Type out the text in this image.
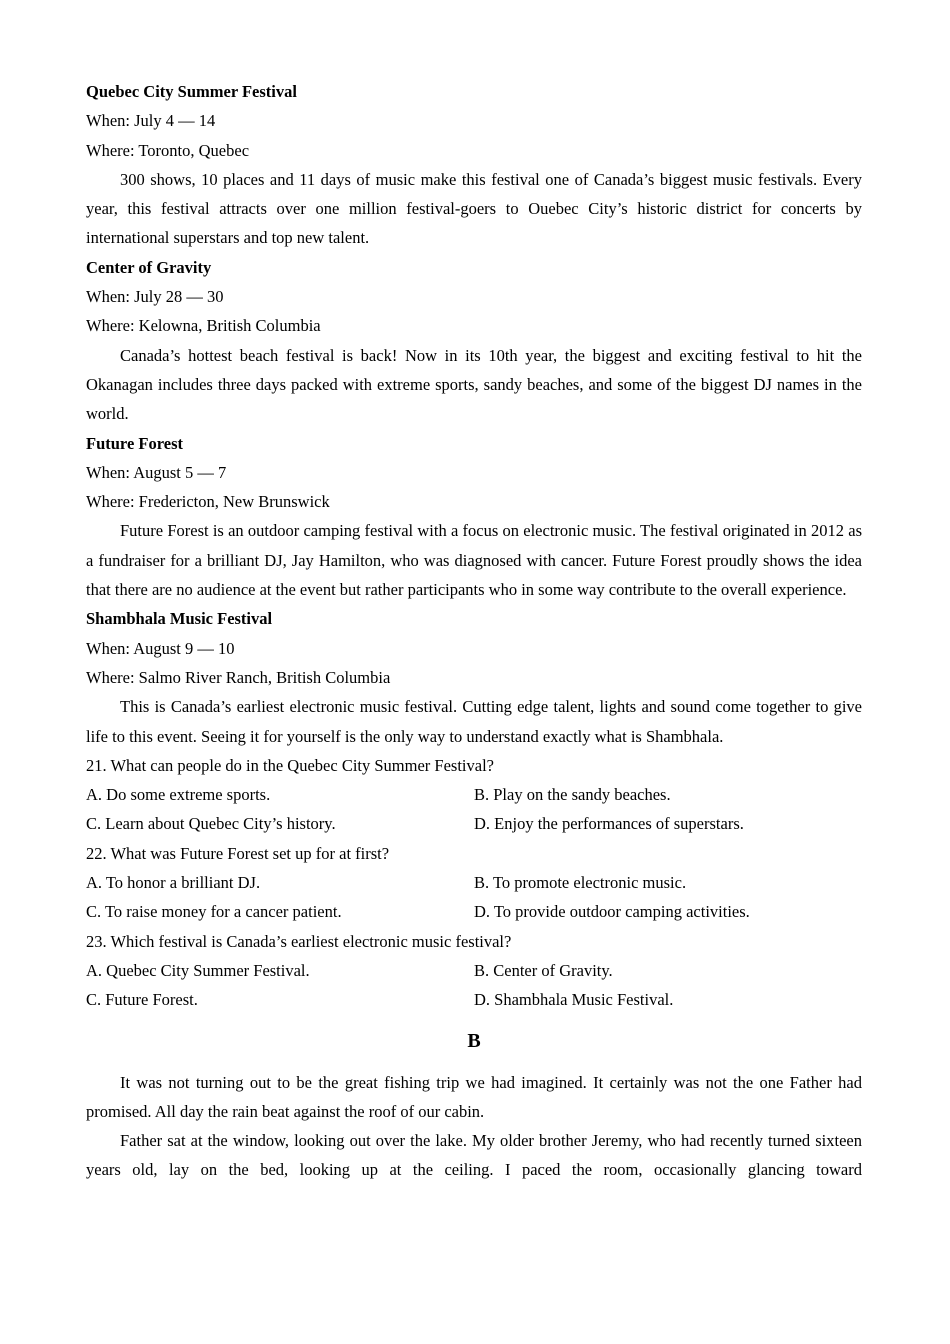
Quebec City Summer Festival
When: July 4 — 14
Where: Toronto, Quebec
300 shows, 10 places and 11 days of music make this festival one of Canada’s biggest music festivals. Every year, this festival attracts over one million festival-goers to Ouebec City’s historic district for concerts by international superstars and top new talent.
Center of Gravity
When: July 28 — 30
Where: Kelowna, British Columbia
Canada’s hottest beach festival is back! Now in its 10th year, the biggest and exciting festival to hit the Okanagan includes three days packed with extreme sports, sandy beaches, and some of the biggest DJ names in the world.
Future Forest
When: August 5 — 7
Where: Fredericton, New Brunswick
Future Forest is an outdoor camping festival with a focus on electronic music. The festival originated in 2012 as a fundraiser for a brilliant DJ, Jay Hamilton, who was diagnosed with cancer. Future Forest proudly shows the idea that there are no audience at the event but rather participants who in some way contribute to the overall experience.
Shambhala Music Festival
When: August 9 — 10
Where: Salmo River Ranch, British Columbia
This is Canada’s earliest electronic music festival. Cutting edge talent, lights and sound come together to give life to this event. Seeing it for yourself is the only way to understand exactly what is Shambhala.
21. What can people do in the Quebec City Summer Festival?
A. Do some extreme sports.	B. Play on the sandy beaches.
C. Learn about Quebec City’s history.	D. Enjoy the performances of superstars.
22. What was Future Forest set up for at first?
A. To honor a brilliant DJ.	B. To promote electronic music.
C. To raise money for a cancer patient.	D. To provide outdoor camping activities.
23. Which festival is Canada’s earliest electronic music festival?
A. Quebec City Summer Festival.	B. Center of Gravity.
C. Future Forest.	D. Shambhala Music Festival.
B
It was not turning out to be the great fishing trip we had imagined. It certainly was not the one Father had promised. All day the rain beat against the roof of our cabin.
Father sat at the window, looking out over the lake. My older brother Jeremy, who had recently turned sixteen years old, lay on the bed, looking up at the ceiling. I paced the room, occasionally glancing toward
